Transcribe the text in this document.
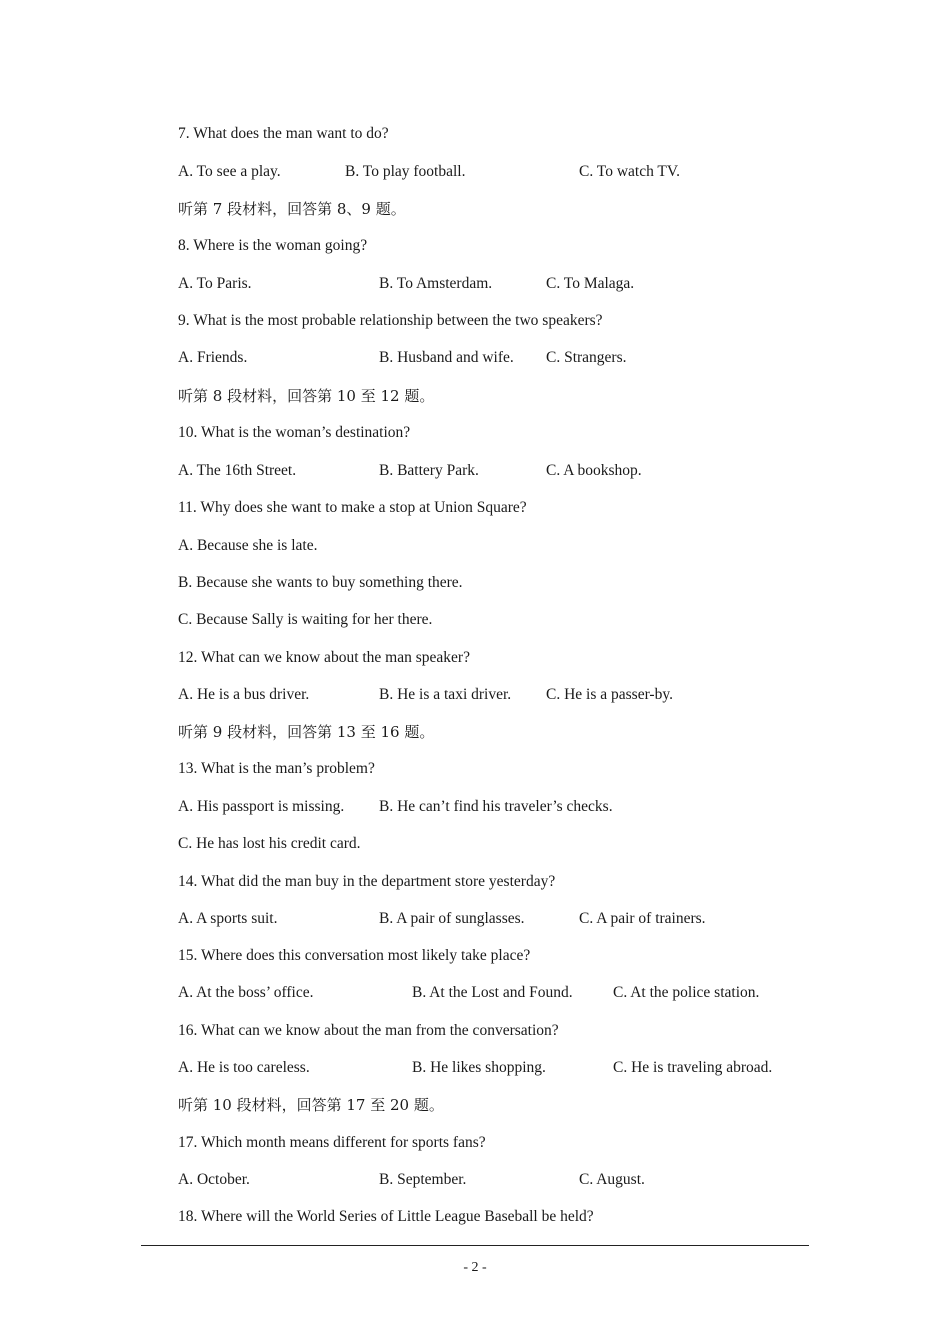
7. What does the man want to do?
A. To see a play.	B. To play football.	C. To watch TV.
听第 7 段材料，回答第 8、9 题。
8. Where is the woman going?
A. To Paris.	B. To Amsterdam.	C. To Malaga.
9. What is the most probable relationship between the two speakers?
A. Friends.	B. Husband and wife. C. Strangers.
听第 8 段材料，回答第 10 至 12 题。
10. What is the woman’s destination?
A. The 16th Street.	B. Battery Park.	C. A bookshop.
11. Why does she want to make a stop at Union Square?
A. Because she is late.
B. Because she wants to buy something there.
C. Because Sally is waiting for her there.
12. What can we know about the man speaker?
A. He is a bus driver.	B. He is a taxi driver. C. He is a passer-by.
听第 9 段材料，回答第 13 至 16 题。
13. What is the man’s problem?
A. His passport is missing. B. He can’t find his traveler’s checks.
C. He has lost his credit card.
14. What did the man buy in the department store yesterday?
A. A sports suit.	B. A pair of sunglasses.	C. A pair of trainers.
15. Where does this conversation most likely take place?
A. At the boss’ office.	B. At the Lost and Found.	C. At the police station.
16. What can we know about the man from the conversation?
A. He is too careless.	B. He likes shopping.	C. He is traveling abroad.
听第 10 段材料，回答第 17 至 20 题。
17. Which month means different for sports fans?
A. October.	B. September.	C. August.
18. Where will the World Series of Little League Baseball be held?
- 2 -
